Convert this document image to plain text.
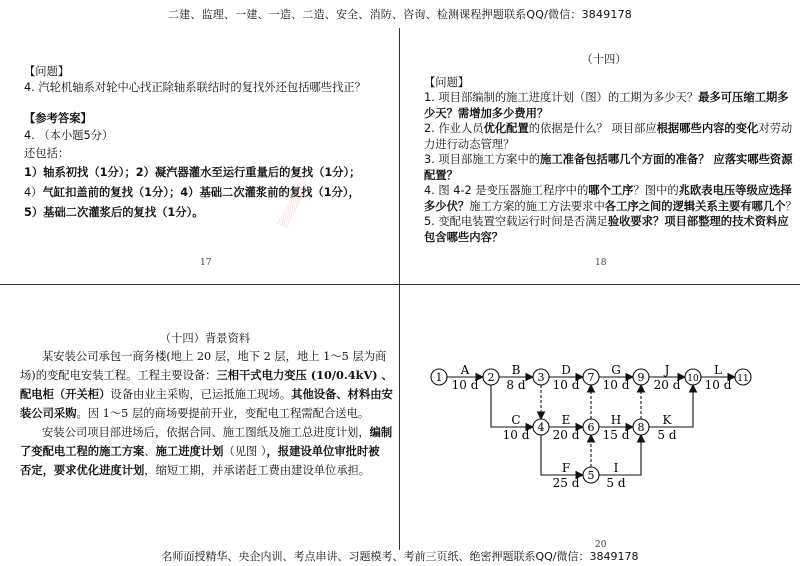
二建、监理、一建、一造、二造、安全、消防、咨询、检测课程押题联系QQ/微信：3849178

【问题】

4. 汽轮机轴系对轮中心找正除轴系联结时的复找外还包括哪些找正？

【参考答案】

4. （本小题5分）

还包括：

1）轴系初找（1分）；2）凝汽器灌水至运行重量后的复找（1分）；

4）气缸扣盖前的复找（1分）；4）基础二次灌浆前的复找（1分），

5）基础二次灌浆后的复找（1分）。

17
░░░░░░░

（十四）

【问题】

1. 项目部编制的施工进度计划（图）的工期为多少天？最多可压缩工期多

少天？需增加多少费用？

2. 作业人员优化配置的依据是什么？ 项目部应根据哪些内容的变化对劳动

力进行动态管理？

3. 项目部施工方案中的施工准备包括哪几个方面的准备？ 应落实哪些资源

配置？

4. 图 4-2 是变压器施工程序中的哪个工序？图中的兆欧表电压等级应选择

多少伏？施工方案的施工方法要求中各工序之间的逻辑关系主要有哪几个？

5. 变配电装置空载运行时间是否满足验收要求？项目部整理的技术资料应

包含哪些内容？

18

（十四）背景资料

某安装公司承包一商务楼(地上 20 层，地下 2 层，地上 1～5 层为商

场)的变配电安装工程。工程主要设备：三相干式电力变压 (10/0.4kV) 、

配电柜（开关柜）设备由业主采购，已运抵施工现场。其他设备、材料由安

装公司采购。因 1～5 层的商场要提前开业，变配电工程需配合送电。

安装公司项目部进场后，依据合同、施工图纸及施工总进度计划，编制

了变配电工程的施工方案、施工进度计划（见图 ），报建设单位审批时被

否定，要求优化进度计划，缩短工期，并承诺赶工费由建设单位承担。

A
10 d
B
8 d
D
10 d
G
10 d
J
20 d
L
10 d
C
10 d
E
20 d
H
15 d
K
5 d
F
25 d
I
5 d
1	2	3
4
5
6
7
8
9	10	11
20
名师面授精华、央企内训、考点串讲、习题模考、考前三页纸、绝密押题联系QQ/微信：3849178
